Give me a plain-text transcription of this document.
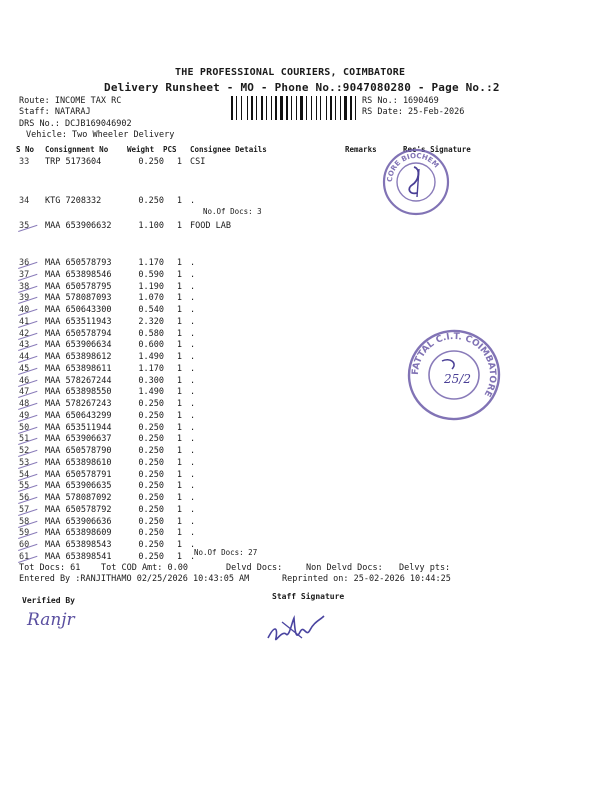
THE PROFESSIONAL COURIERS, COIMBATORE
Delivery Runsheet - MO - Phone No.:9047080280 - Page No.:2
Route: INCOME TAX RC
Staff: NATARAJ
DRS No.: DCJB169046902
Vehicle: Two Wheeler Delivery
RS No.: 1690469
RS Date: 25-Feb-2026
S No Consignment No	Weight PCS Consignee Details	Remarks	Rec's Signature
33 TRP 5173604	0.250	1 CSI
34 KTG 7208332	0.250	1 .
35 MAA 653906632	1.100	1 FOOD LAB
36 MAA 650578793	1.170	1 .
37 MAA 653898546	0.590	1 .
38 MAA 650578795	1.190	1 .
39 MAA 578087093	1.070	1 .
40 MAA 650643300	0.540	1 .
41 MAA 653511943	2.320	1 .
42 MAA 650578794	0.580	1 .
43 MAA 653906634	0.600	1 .
44 MAA 653898612	1.490	1 .
45 MAA 653898611	1.170	1 .
46 MAA 578267244	0.300	1 .
47 MAA 653898550	1.490	1 .
48 MAA 578267243	0.250	1 .
49 MAA 650643299	0.250	1 .
50 MAA 653511944	0.250	1 .
51 MAA 653906637	0.250	1 .
52 MAA 650578790	0.250	1 .
53 MAA 653898610	0.250	1 .
54 MAA 650578791	0.250	1 .
55 MAA 653906635	0.250	1 .
56 MAA 578087092	0.250	1 .
57 MAA 650578792	0.250	1 .
58 MAA 653906636	0.250	1 .
59 MAA 653898609	0.250	1 .
60 MAA 653898543	0.250	1 .
61 MAA 653898541	0.250	1 .
No.Of Docs: 3
No.Of Docs: 27
Tot Docs: 61 Tot COD Amt: 0.00	Delvd Docs:	Non Delvd Docs: Delvy pts:
Entered By :RANJITHAMO 02/25/2026 10:43:05 AM	Reprinted on: 25-02-2026 10:44:25
Verified By	Staff Signature
Ranjr
CORE BIOCHEM
FATTAL C.I.T. COIMBATORE
25/2
